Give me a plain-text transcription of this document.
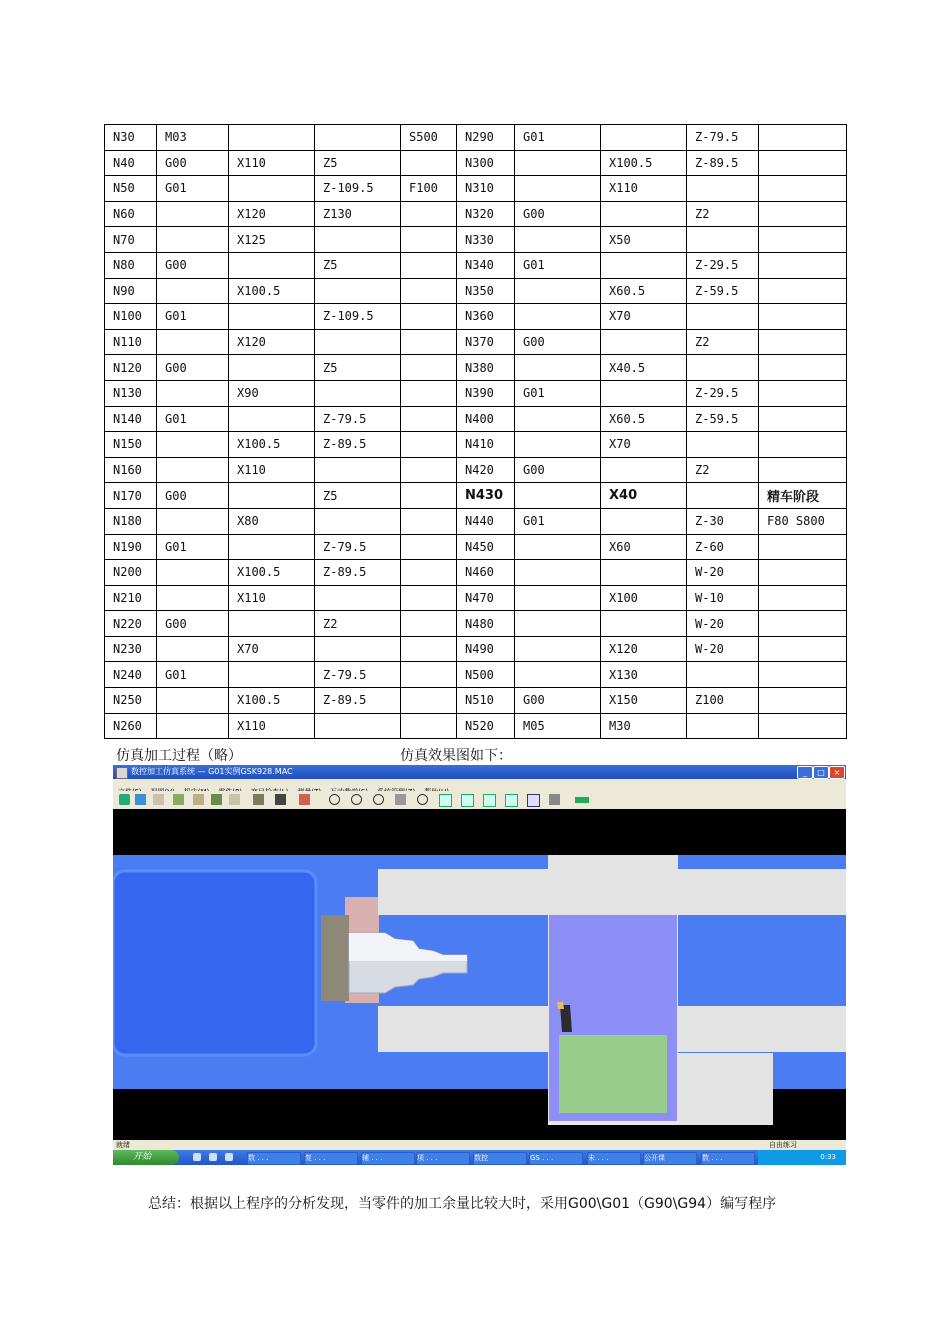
N30	M03			S500	N290	G01		Z-79.5	
N40	G00	X110	Z5		N300		X100.5	Z-89.5	
N50	G01		Z-109.5	F100	N310		X110		
N60		X120	Z130		N320	G00		Z2	
N70		X125			N330		X50		
N80	G00		Z5		N340	G01		Z-29.5	
N90		X100.5			N350		X60.5	Z-59.5	
N100	G01		Z-109.5		N360		X70		
N110		X120			N370	G00		Z2	
N120	G00		Z5		N380		X40.5		
N130		X90			N390	G01		Z-29.5	
N140	G01		Z-79.5		N400		X60.5	Z-59.5	
N150		X100.5	Z-89.5		N410		X70		
N160		X110			N420	G00		Z2	
N170	G00		Z5		N430		X40		精车阶段
N180		X80			N440	G01		Z-30	F80 S800
N190	G01		Z-79.5		N450		X60	Z-60	
N200		X100.5	Z-89.5		N460			W-20	
N210		X110			N470		X100	W-10	
N220	G00		Z2		N480			W-20	
N230		X70			N490		X120	W-20	
N240	G01		Z-79.5		N500		X130		
N250		X100.5	Z-89.5		N510	G00	X150	Z100	
N260		X110			N520	M05	M30		
仿真加工过程（略）	仿真效果图如下：
数控加工仿真系统 — G01实例GSK928.MAC	_	□	×
就绪	自由练习
开始	数 . . .	复 . . .	辅 . . .	项 . . .	数控	GS . . .	未 . . .	公开课	数 . . .	0:33
总结：根据以上程序的分析发现，当零件的加工余量比较大时，采用G00\G01（G90\G94）编写程序
